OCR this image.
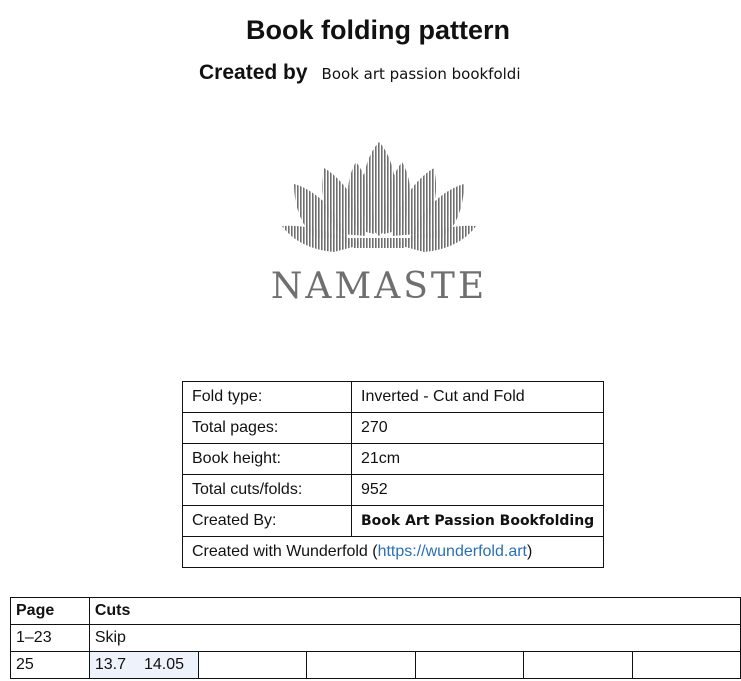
Book folding pattern
Created by Book art passion bookfoldi
NAMASTE
Fold type:	Inverted - Cut and Fold
Total pages:	270
Book height:	21cm
Total cuts/folds:	952
Created By:	Book Art Passion Bookfolding
Created with Wunderfold (https://wunderfold.art)	
Page	Cuts					
1–23	Skip					
25	13.7 14.05					
